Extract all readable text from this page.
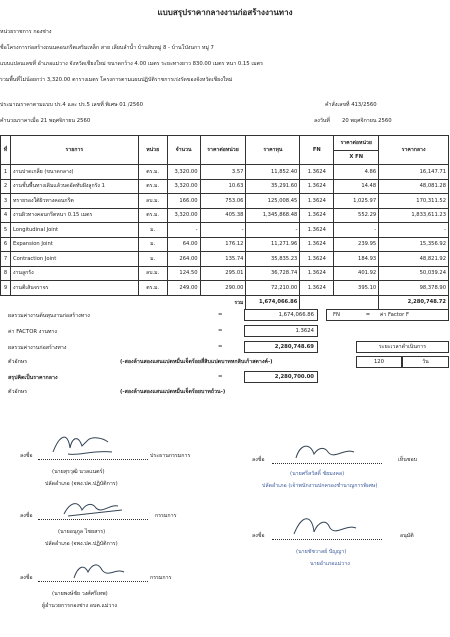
แบบสรุปราคากลางงานก่อสร้างงานทาง
หน่วยราชการ กองช่าง
ชื่อโครงการก่อสร้างถนนคอนกรีตเสริมเหล็ก สาย เลียบลำน้ำ บ้านสิบหมู่ 8 - บ้านโป่งนกา หมู่ 7
แบบแปลนเลขที่ อำเภอแม่วาง จังหวัดเชียงใหม่ ขนาดกว้าง 4.00 เมตร ระยะทางยาว 830.00 เมตร หนา 0.15 เมตร
รวมพื้นที่ไม่น้อยกว่า 3,320.00 ตารางเมตร โครงการตามแผนปฏิบัติราชการเร่งรัดของจังหวัดเชียงใหม่
ประมาณราคาตามแบบ ปร.4 และ ปร.5 เลขที่ พิเศษ 01 /2560	คำสั่งเลขที่ 413/2560
คำนวณราคาเมื่อ 21 พฤศจิกายน 2560	ลงวันที่ 20 พฤศจิกายน 2560
ที่	รายการ	หน่วย	จำนวน	ราคาต่อหน่วย	ราคาทุน	FN	ราคาต่อหน่วย	ราคากลาง
							X FN	
1	งานปาดเกลี่ย (ขนาดกลาง)	ตร.ม.	3,320.00	3.57	11,852.40	1.3624	4.86	16,147.71
2	งานชั้นพื้นทางเดิมแล้วบดอัดทับฝังลูกรัง 1	ตร.ม.	3,320.00	10.63	35,291.60	1.3624	14.48	48,081.28
3	ทรายรองใต้ผิวทางคอนกรีต	ลบ.ม.	166.00	753.06	125,008.45	1.3624	1,025.97	170,311.52
4	งานผิวทางคอนกรีตหนา 0.15 เมตร	ตร.ม.	3,320.00	405.38	1,345,868.48	1.3624	552.29	1,833,611.23
5	Longitudinal Joint	ม.	-	-	-	1.3624	-	-
6	Expansion Joint	ม.	64.00	176.12	11,271.96	1.3624	239.95	15,356.92
7	Contraction Joint	ม.	264.00	135.74	35,835.23	1.3624	184.93	48,821.92
8	งานลูกรัง	ลบ.ม.	124.50	295.01	36,728.74	1.3624	401.92	50,039.24
9	งานตีเส้นจราจร	ตร.ม.	249.00	290.00	72,210.00	1.3624	395.10	98,378.90
รวม					1,674,066.86			2,280,748.72
ผลรวมค่างานต้นทุนงานก่อสร้างทาง	=	1,674,066.86
ค่า FACTOR งานทาง	=	1.3624
ผลรวมค่างานก่อสร้างทาง	=	2,280,748.69
ตัวอักษร	(-สองล้านสองแสนแปดหมื่นเจ็ดร้อยสี่สิบแปดบาทหกสิบเก้าสตางค์-)
สรุปคิดเป็นราคากลาง	=	2,280,700.00
ตัวอักษร	(-สองล้านสองแสนแปดหมื่นเจ็ดร้อยบาทถ้วน-)
FN	= ค่า Factor F
ระยะเวลาดำเนินการ
120	วัน
ลงชื่อ	ประธานกรรมการ
(นายสุรวุฒิ นวลแนตร์)
ปลัดอำเภอ (จพง.ปค.ปฏิบัติการ)
ลงชื่อ	กรรมการ
(นายอนุกูล ไชยสาร)
ปลัดอำเภอ (จพง.ปค.ปฏิบัติการ)
ลงชื่อ	กรรมการ
(นายพงษ์ชัย วงศ์ศรีเทพ)
ผู้อำนวยการกองช่าง อบต.แม่วาง
ลงชื่อ	เห็นชอบ
(นายศรีสวัสดิ์ ชัยมงคล)
ปลัดอำเภอ (เจ้าพนักงานปกครองชำนาญการพิเศษ)
ลงชื่อ	อนุมัติ
(นายชัชวาลย์ ปัญญา)
นายอำเภอแม่วาง
